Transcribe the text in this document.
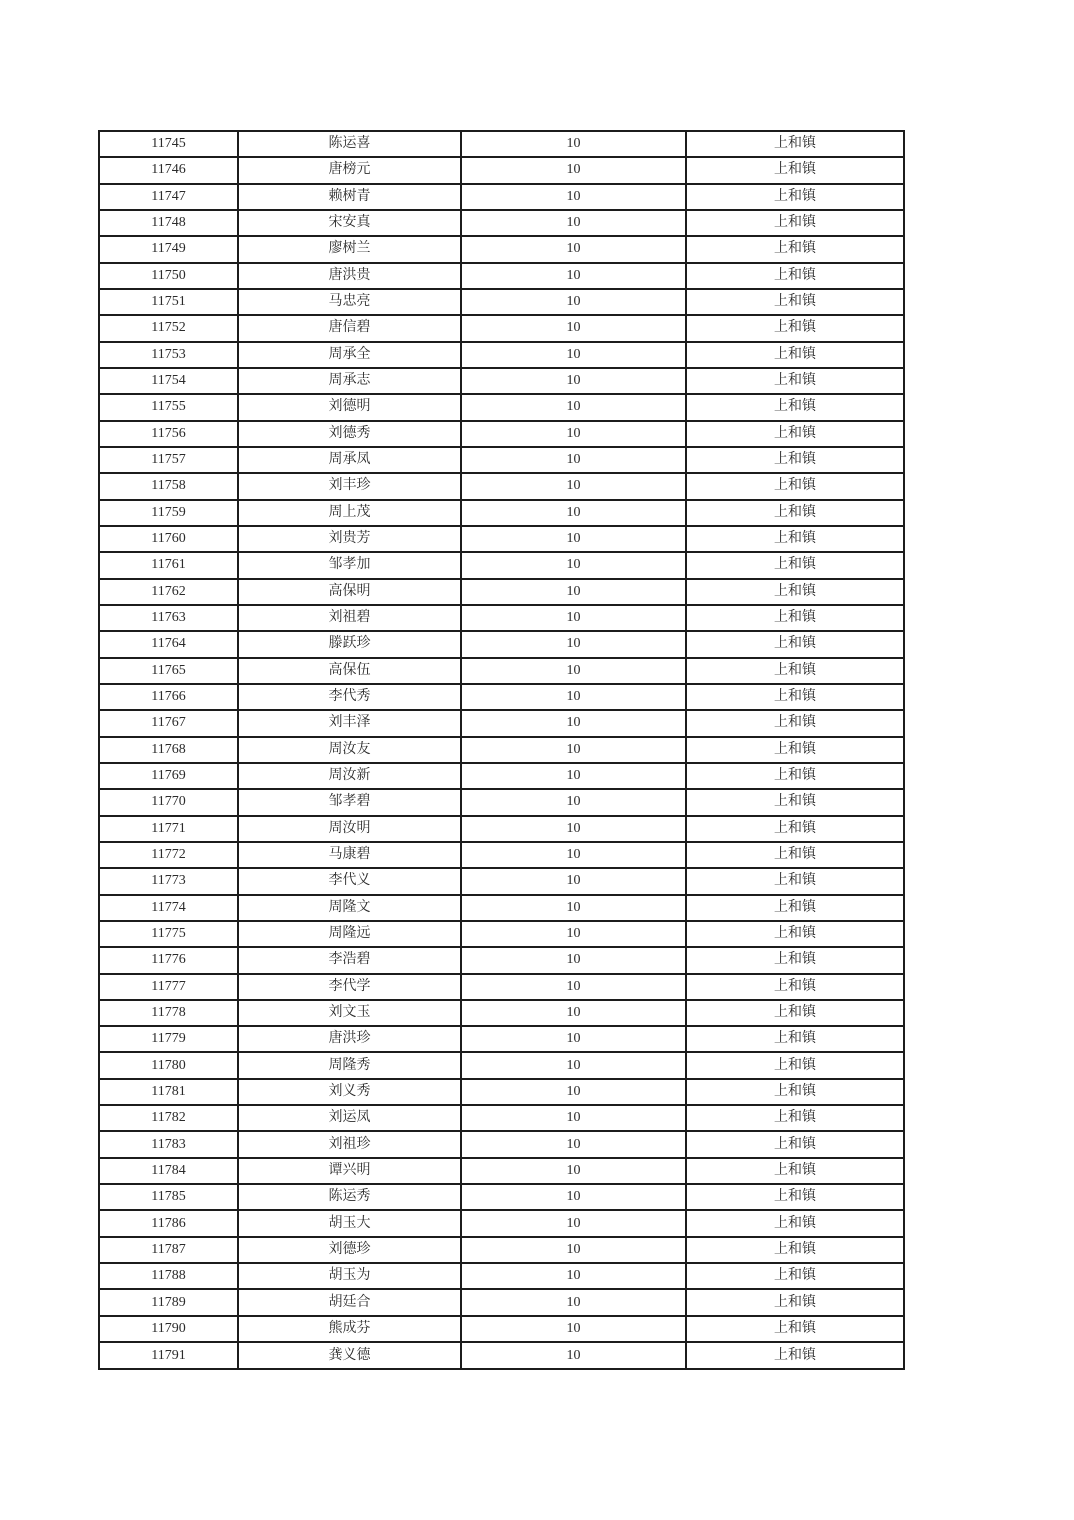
11745	陈运喜	10	上和镇
11746	唐榜元	10	上和镇
11747	赖树青	10	上和镇
11748	宋安真	10	上和镇
11749	廖树兰	10	上和镇
11750	唐洪贵	10	上和镇
11751	马忠亮	10	上和镇
11752	唐信碧	10	上和镇
11753	周承全	10	上和镇
11754	周承志	10	上和镇
11755	刘德明	10	上和镇
11756	刘德秀	10	上和镇
11757	周承凤	10	上和镇
11758	刘丰珍	10	上和镇
11759	周上茂	10	上和镇
11760	刘贵芳	10	上和镇
11761	邹孝加	10	上和镇
11762	高保明	10	上和镇
11763	刘祖碧	10	上和镇
11764	滕跃珍	10	上和镇
11765	高保伍	10	上和镇
11766	李代秀	10	上和镇
11767	刘丰泽	10	上和镇
11768	周汝友	10	上和镇
11769	周汝新	10	上和镇
11770	邹孝碧	10	上和镇
11771	周汝明	10	上和镇
11772	马康碧	10	上和镇
11773	李代义	10	上和镇
11774	周隆文	10	上和镇
11775	周隆远	10	上和镇
11776	李浩碧	10	上和镇
11777	李代学	10	上和镇
11778	刘文玉	10	上和镇
11779	唐洪珍	10	上和镇
11780	周隆秀	10	上和镇
11781	刘义秀	10	上和镇
11782	刘运凤	10	上和镇
11783	刘祖珍	10	上和镇
11784	谭兴明	10	上和镇
11785	陈运秀	10	上和镇
11786	胡玉大	10	上和镇
11787	刘德珍	10	上和镇
11788	胡玉为	10	上和镇
11789	胡廷合	10	上和镇
11790	熊成芬	10	上和镇
11791	龚义德	10	上和镇
